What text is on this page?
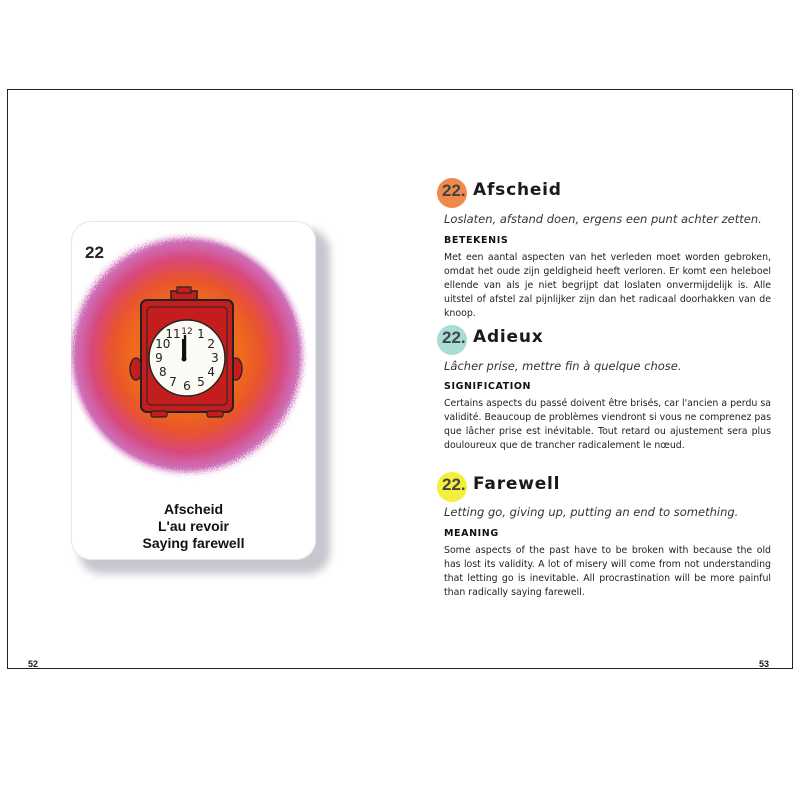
12 1
2
3
4
5
6
7
8
9
10
11
22
Afscheid
L'au revoir
Saying farewell
22. Afscheid
Loslaten, afstand doen, ergens een punt achter zetten.
BETEKENIS
Met een aantal aspecten van het verleden moet worden gebroken, omdat het oude zijn geldigheid heeft verloren. Er komt een heleboel ellende van als je niet begrijpt dat loslaten onvermijdelijk is. Alle uitstel of afstel zal pijnlijker zijn dan het radicaal doorhakken van de knoop.
22. Adieux
Lâcher prise, mettre fin à quelque chose.
SIGNIFICATION
Certains aspects du passé doivent être brisés, car l'ancien a perdu sa validité. Beaucoup de problèmes viendront si vous ne comprenez pas que lâcher prise est inévitable. Tout retard ou ajustement sera plus douloureux que de trancher radicalement le nœud.
22. Farewell
Letting go, giving up, putting an end to something.
MEANING
Some aspects of the past have to be broken with because the old has lost its validity. A lot of misery will come from not understanding that letting go is inevitable. All procrastination will be more painful than radically saying farewell.
52	53
